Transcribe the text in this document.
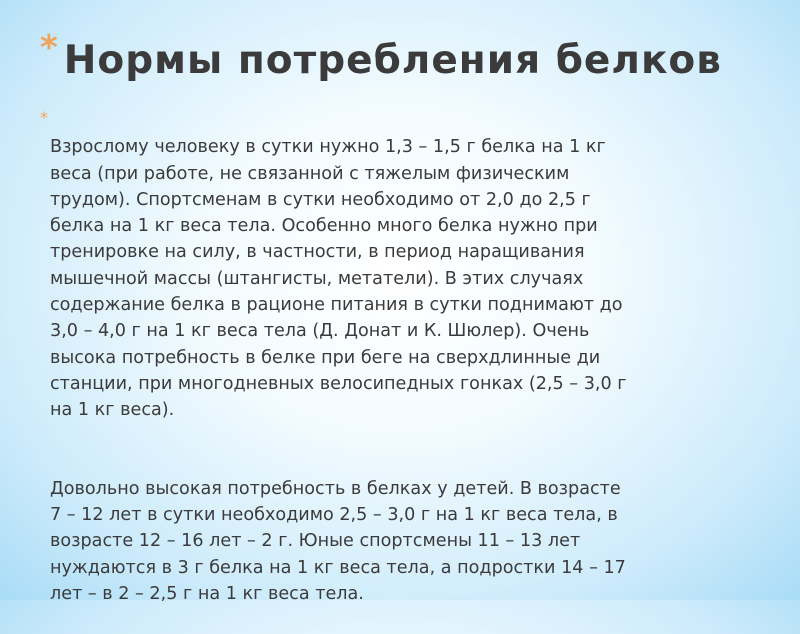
* Нормы потребления белков
*

Взрослому человеку в сутки нужно 1,3 – 1,5 г белка на 1 кг
веса (при работе, не связанной с тяжелым физическим
трудом). Спортсменам в сутки необходимо от 2,0 до 2,5 г
белка на 1 кг веса тела. Особенно много белка нужно при
тренировке на силу, в частности, в период наращивания
мышечной массы (штангисты, метатели). В этих случаях
содержание белка в рационе питания в сутки поднимают до
3,0 – 4,0 г на 1 кг веса тела (Д. Донат и К. Шюлер). Очень
высока потребность в белке при беге на сверхдлинные ди
станции, при многодневных велосипедных гонках (2,5 – 3,0 г
на 1 кг веса).

Довольно высокая потребность в белках у детей. В возрасте
7 – 12 лет в сутки необходимо 2,5 – 3,0 г на 1 кг веса тела, в
возрасте 12 – 16 лет – 2 г. Юные спортсмены 11 – 13 лет
нуждаются в 3 г белка на 1 кг веса тела, а подростки 14 – 17
лет – в 2 – 2,5 г на 1 кг веса тела.
